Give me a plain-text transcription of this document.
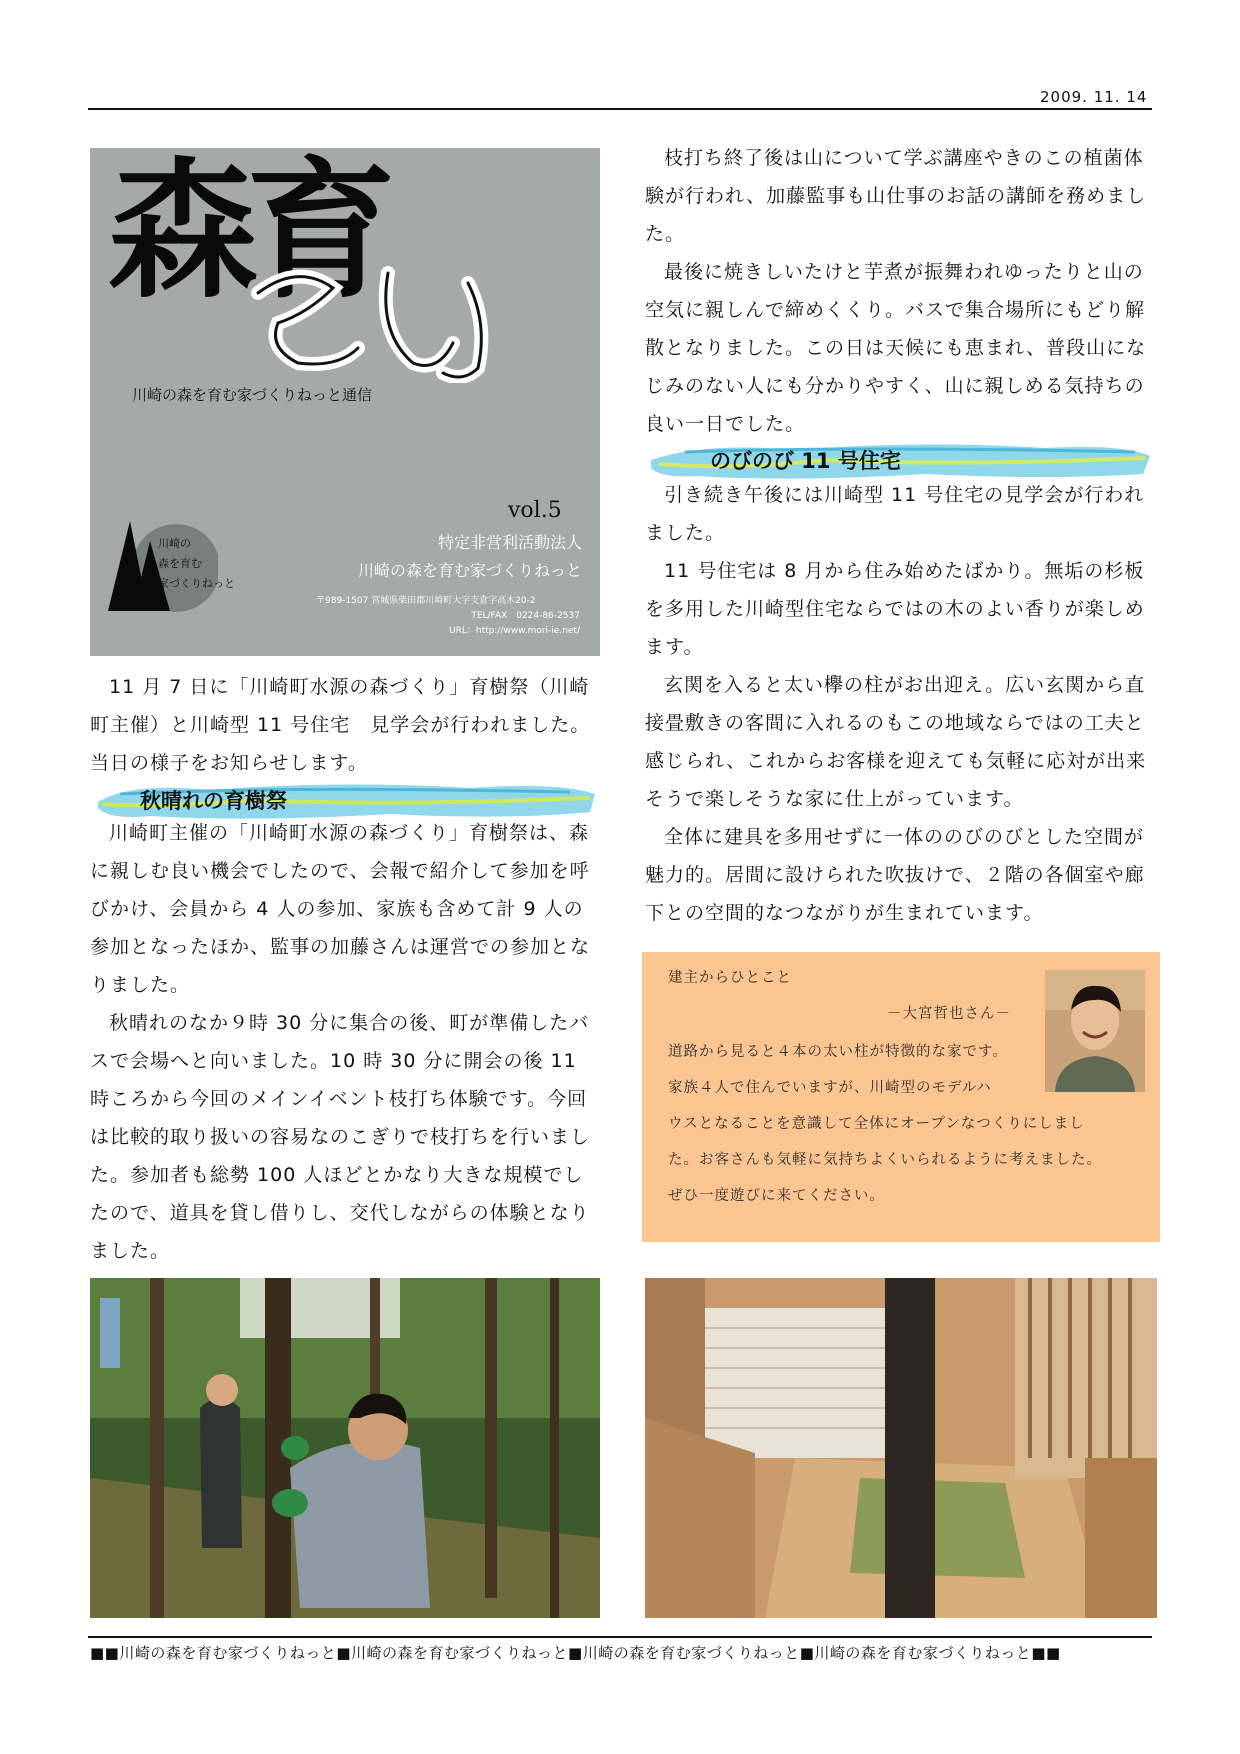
2009. 11. 14
森育
川崎の森を育む家づくりねっと通信
vol.5
特定非営利活動法人
川崎の森を育む家づくりねっと
〒989-1507 宮城県柴田郡川崎町大字支倉字高木20-2
TEL/FAX　0224-86-2537
URL：http://www.mori-ie.net/
川崎の
森を育む
家づくりねっと

11 月 7 日に「川崎町水源の森づくり」育樹祭（川崎町主催）と川崎型 11 号住宅　見学会が行われました。当日の様子をお知らせします。

秋晴れの育樹祭

川崎町主催の「川崎町水源の森づくり」育樹祭は、森に親しむ良い機会でしたので、会報で紹介して参加を呼びかけ、会員から 4 人の参加、家族も含めて計 9 人の参加となったほか、監事の加藤さんは運営での参加となりました。

秋晴れのなか９時 30 分に集合の後、町が準備したバスで会場へと向いました。10 時 30 分に開会の後 11 時ころから今回のメインイベント枝打ち体験です。今回は比較的取り扱いの容易なのこぎりで枝打ちを行いました。参加者も総勢 100 人ほどとかなり大きな規模でしたので、道具を貸し借りし、交代しながらの体験となりました。

枝打ち終了後は山について学ぶ講座やきのこの植菌体験が行われ、加藤監事も山仕事のお話の講師を務めました。

最後に焼きしいたけと芋煮が振舞われゆったりと山の空気に親しんで締めくくり。バスで集合場所にもどり解散となりました。この日は天候にも恵まれ、普段山になじみのない人にも分かりやすく、山に親しめる気持ちの良い一日でした。

のびのび 11 号住宅

引き続き午後には川崎型 11 号住宅の見学会が行われました。

11 号住宅は 8 月から住み始めたばかり。無垢の杉板を多用した川崎型住宅ならではの木のよい香りが楽しめます。

玄関を入ると太い欅の柱がお出迎え。広い玄関から直接畳敷きの客間に入れるのもこの地域ならではの工夫と感じられ、これからお客様を迎えても気軽に応対が出来そうで楽しそうな家に仕上がっています。

全体に建具を多用せずに一体ののびのびとした空間が魅力的。居間に設けられた吹抜けで、２階の各個室や廊下との空間的なつながりが生まれています。

建主からひとこと
－大宮哲也さん－
道路から見ると４本の太い柱が特徴的な家です。
家族４人で住んでいますが、川崎型のモデルハ
ウスとなることを意識して全体にオープンなつくりにしまし
た。お客さんも気軽に気持ちよくいられるように考えました。
ぜひ一度遊びに来てください。
■■川崎の森を育む家づくりねっと■川崎の森を育む家づくりねっと■川崎の森を育む家づくりねっと■川崎の森を育む家づくりねっと■■
